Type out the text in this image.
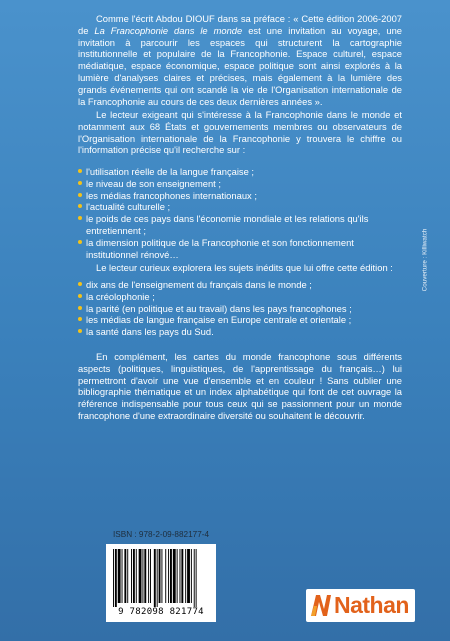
Comme l'écrit Abdou DIOUF dans sa préface : « Cette édition 2006-2007 de La Francophonie dans le monde est une invitation au voyage, une invitation à parcourir les espaces qui structurent la cartographie institutionnelle et populaire de la Francophonie. Espace culturel, espace médiatique, espace économique, espace politique sont ainsi explorés à la lumière d'analyses claires et précises, mais également à la lumière des grands événements qui ont scandé la vie de l'Organisation internationale de la Francophonie au cours de ces deux dernières années ».

Le lecteur exigeant qui s'intéresse à la Francophonie dans le monde et notamment aux 68 États et gouvernements membres ou observateurs de l'Organisation internationale de la Francophonie y trouvera le chiffre ou l'information précise qu'il recherche sur :

l'utilisation réelle de la langue française ;
le niveau de son enseignement ;
les médias francophones internationaux ;
l'actualité culturelle ;
le poids de ces pays dans l'économie mondiale et les relations qu'ils entretiennent ;
la dimension politique de la Francophonie et son fonctionnement institutionnel rénové…

Le lecteur curieux explorera les sujets inédits que lui offre cette édition :

dix ans de l'enseignement du français dans le monde ;
la créolophonie ;
la parité (en politique et au travail) dans les pays francophones ;
les médias de langue française en Europe centrale et orientale ;
la santé dans les pays du Sud.

En complément, les cartes du monde francophone sous différents aspects (politiques, linguistiques, de l'apprentissage du français…) lui permettront d'avoir une vue d'ensemble et en couleur ! Sans oublier une bibliographie thématique et un index alphabétique qui font de cet ouvrage la référence indispensable pour tous ceux qui se passionnent pour un monde francophone d'une extraordinaire diversité ou souhaitent le découvrir.

Couverture : Killiwatch
ISBN : 978-2-09-882177-4
9 782098 821774	Nathan
